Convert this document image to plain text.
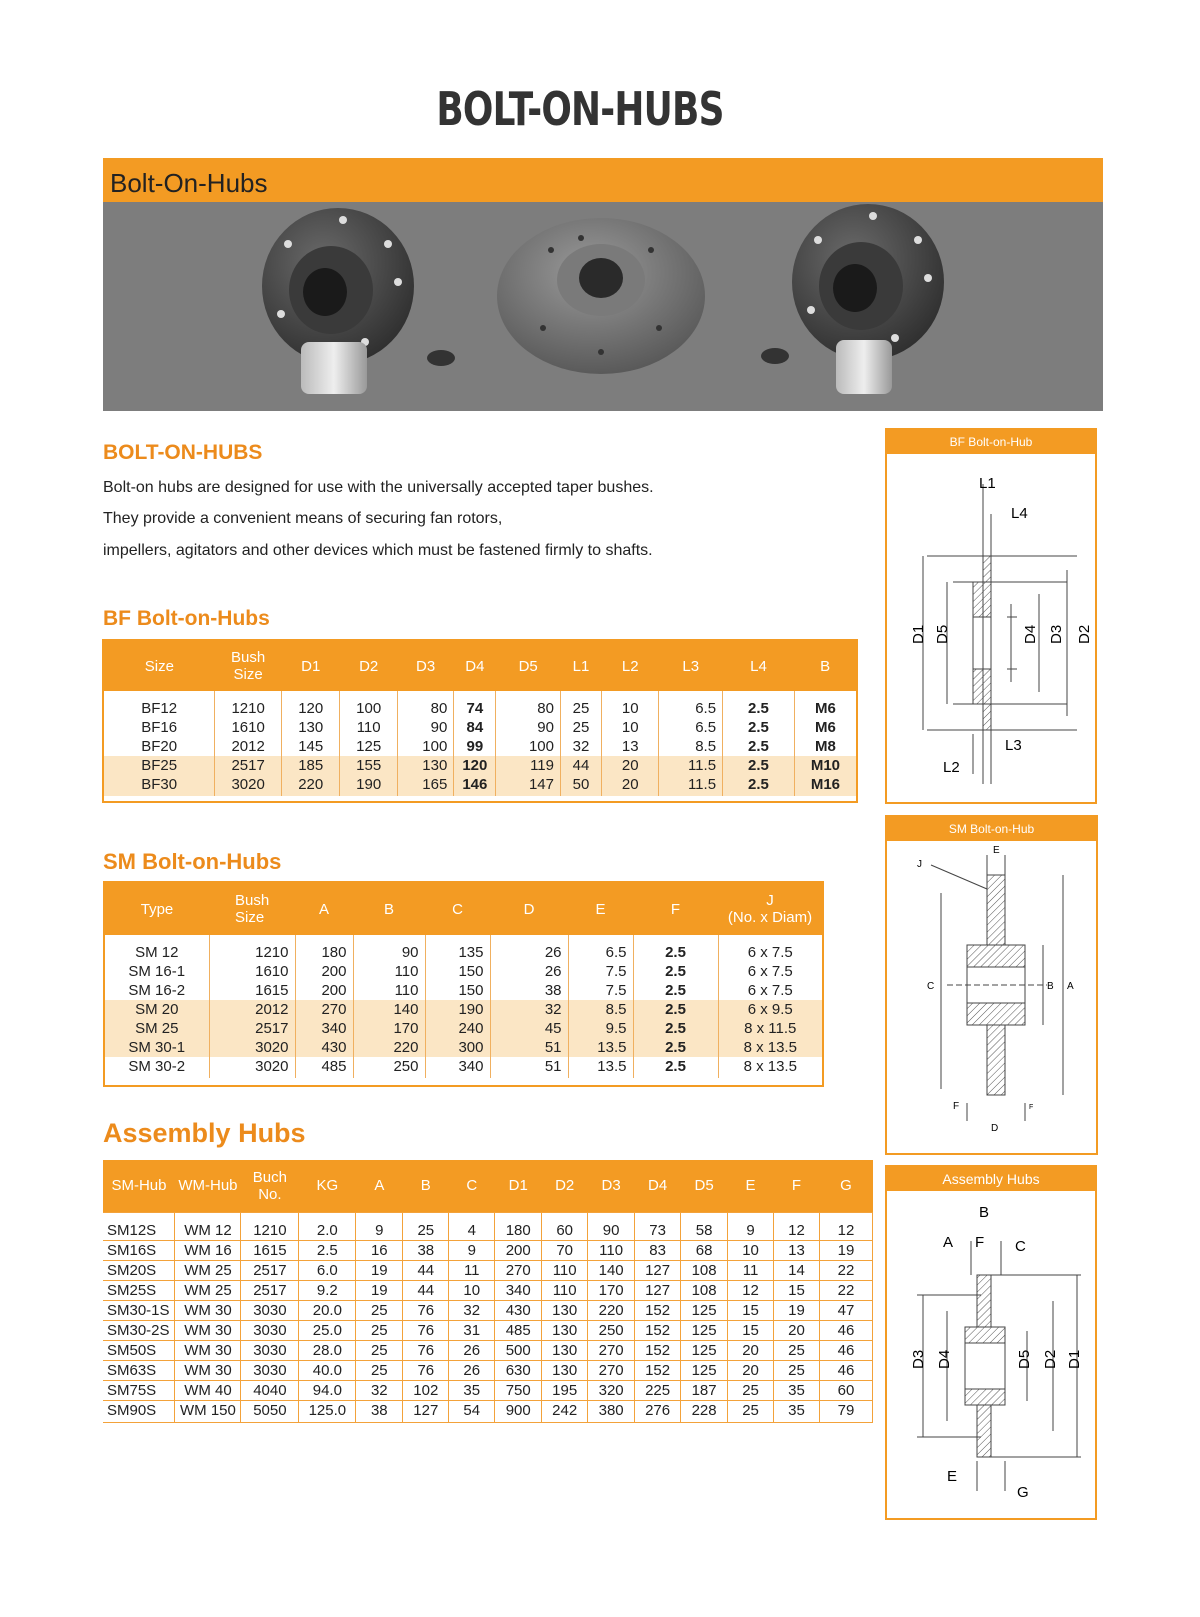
BOLT-ON-HUBS
Bolt-On-Hubs
BOLT-ON-HUBS
Bolt-on hubs are designed for use with the universally accepted taper bushes.
They provide a convenient means of securing fan rotors,
impellers, agitators and other devices which must be fastened firmly to shafts.
BF Bolt-on-Hubs
Size	Bush Size	D1	D2	D3	D4	D5	L1	L2	L3	L4	B
BF12	1210	120	100	80	74	80	25	10	6.5	2.5	M6
BF16	1610	130	110	90	84	90	25	10	6.5	2.5	M6
BF20	2012	145	125	100	99	100	32	13	8.5	2.5	M8
BF25	2517	185	155	130	120	119	44	20	11.5	2.5	M10
BF30	3020	220	190	165	146	147	50	20	11.5	2.5	M16
SM Bolt-on-Hubs
Type	Bush Size	A	B	C	D	E	F	J
(No. x Diam)
SM 12	1210	180	90	135	26	6.5	2.5	6 x 7.5
SM 16-1	1610	200	110	150	26	7.5	2.5	6 x 7.5
SM 16-2	1615	200	110	150	38	7.5	2.5	6 x 7.5
SM 20	2012	270	140	190	32	8.5	2.5	6 x 9.5
SM 25	2517	340	170	240	45	9.5	2.5	8 x 11.5
SM 30-1	3020	430	220	300	51	13.5	2.5	8 x 13.5
SM 30-2	3020	485	250	340	51	13.5	2.5	8 x 13.5
Assembly Hubs
SM-Hub	WM-Hub	Buch No.	KG	A	B	C	D1	D2	D3	D4	D5	E	F	G
SM12S	WM 12	1210	2.0	9	25	4	180	60	90	73	58	9	12	12
SM16S	WM 16	1615	2.5	16	38	9	200	70	110	83	68	10	13	19
SM20S	WM 25	2517	6.0	19	44	11	270	110	140	127	108	11	14	22
SM25S	WM 25	2517	9.2	19	44	10	340	110	170	127	108	12	15	22
SM30-1S	WM 30	3030	20.0	25	76	32	430	130	220	152	125	15	19	47
SM30-2S	WM 30	3030	25.0	25	76	31	485	130	250	152	125	15	20	46
SM50S	WM 30	3030	28.0	25	76	26	500	130	270	152	125	20	25	46
SM63S	WM 30	3030	40.0	25	76	26	630	130	270	152	125	20	25	46
SM75S	WM 40	4040	94.0	32	102	35	750	195	320	225	187	25	35	60
SM90S	WM 150	5050	125.0	38	127	54	900	242	380	276	228	25	35	79
BF Bolt-on-Hub
L1
L4
D1 D5	D4 D3 D2
L2
L3
SM Bolt-on-Hub
E
J
C	B A
F
D
F
Assembly Hubs
B
A F C
D3 D4	D5 D2 D1
E
G
